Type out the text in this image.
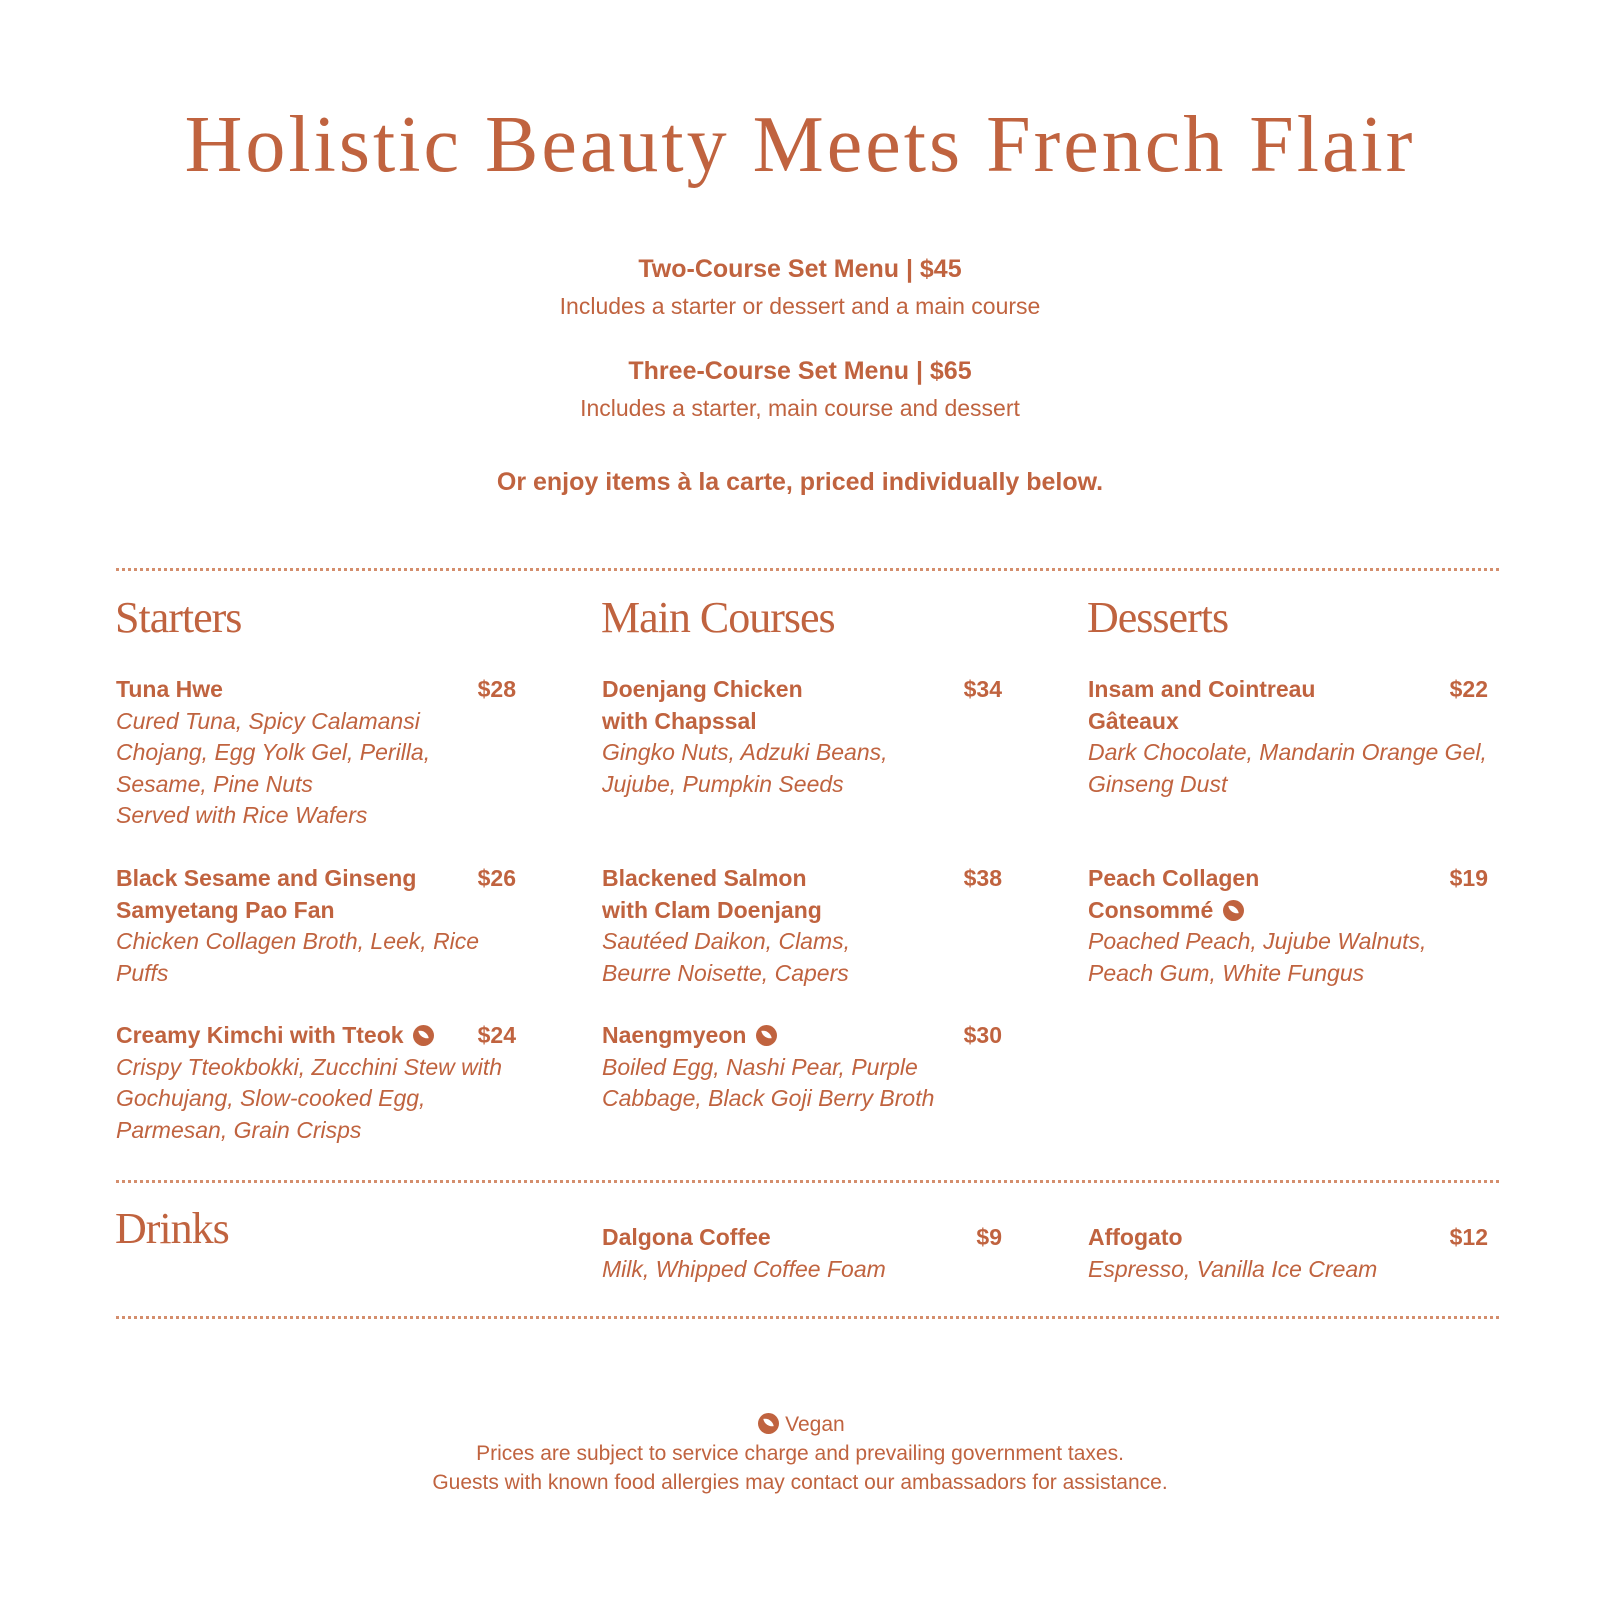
Holistic Beauty Meets French Flair
Two-Course Set Menu | $45
Includes a starter or dessert and a main course
Three-Course Set Menu | $65
Includes a starter, main course and dessert
Or enjoy items à la carte, priced individually below.
Starters
Tuna Hwe	$28
Cured Tuna, Spicy Calamansi Chojang, Egg Yolk Gel, Perilla, Sesame, Pine Nuts
Served with Rice Wafers
Black Sesame and Ginseng Samyetang Pao Fan
$26
Chicken Collagen Broth, Leek, Rice Puffs
Creamy Kimchi with Tteok	$24
Crispy Tteokbokki, Zucchini Stew with Gochujang, Slow-cooked Egg, Parmesan, Grain Crisps
Main Courses
Doenjang Chicken with Chapssal
$34
Gingko Nuts, Adzuki Beans, Jujube, Pumpkin Seeds
Blackened Salmon with Clam Doenjang
$38
Sautéed Daikon, Clams, Beurre Noisette, Capers
Naengmyeon	$30
Boiled Egg, Nashi Pear, Purple Cabbage, Black Goji Berry Broth
Desserts
Insam and Cointreau Gâteaux
$22
Dark Chocolate, Mandarin Orange Gel, Ginseng Dust
Peach Collagen Consommé
$19
Poached Peach, Jujube Walnuts, Peach Gum, White Fungus
Drinks	Dalgona Coffee	$9
Milk, Whipped Coffee Foam
Affogato	$12
Espresso, Vanilla Ice Cream
Vegan
Prices are subject to service charge and prevailing government taxes.
Guests with known food allergies may contact our ambassadors for assistance.
